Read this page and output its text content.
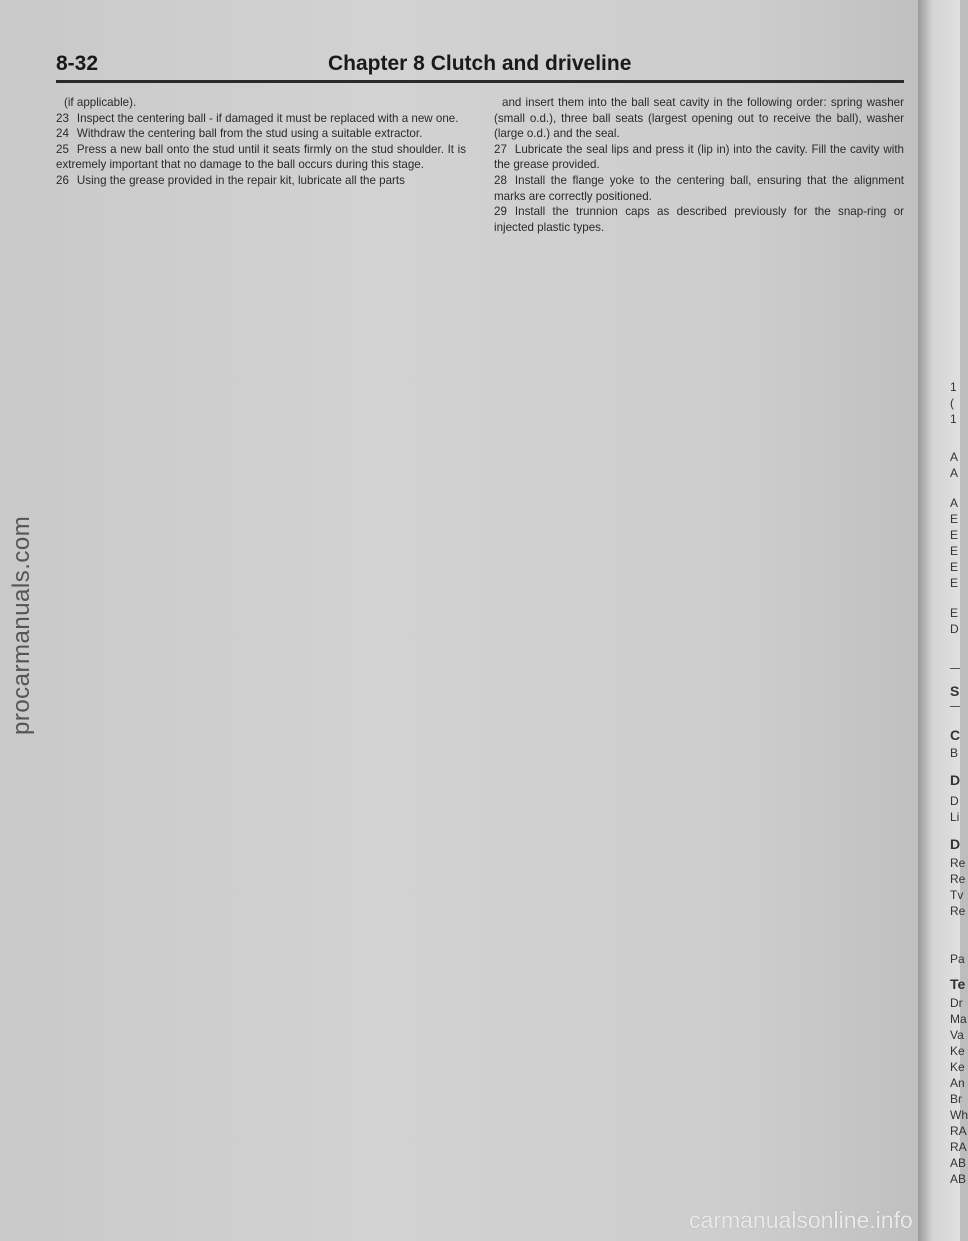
8-32	Chapter 8 Clutch and driveline

(if applicable).

23 Inspect the centering ball - if damaged it must be replaced with a new one.

24 Withdraw the centering ball from the stud using a suitable extractor.

25 Press a new ball onto the stud until it seats firmly on the stud shoulder. It is extremely important that no damage to the ball occurs during this stage.

26 Using the grease provided in the repair kit, lubricate all the parts

and insert them into the ball seat cavity in the following order: spring washer (small o.d.), three ball seats (largest opening out to receive the ball), washer (large o.d.) and the seal.

27 Lubricate the seal lips and press it (lip in) into the cavity. Fill the cavity with the grease provided.

28 Install the flange yoke to the centering ball, ensuring that the alignment marks are correctly positioned.

29 Install the trunnion caps as described previously for the snap-ring or injected plastic types.

procarmanuals.com
carmanualsonline.info
1
(
1
A
A
A
E
E
E
E
E
E
D
S
C
B
D
D
Li
D
Re
Re
Tv
Re
Pa
Te
Dr
Ma
Va
Ke
Ke
An
Br
Wh
RA
RA
AB
AB
